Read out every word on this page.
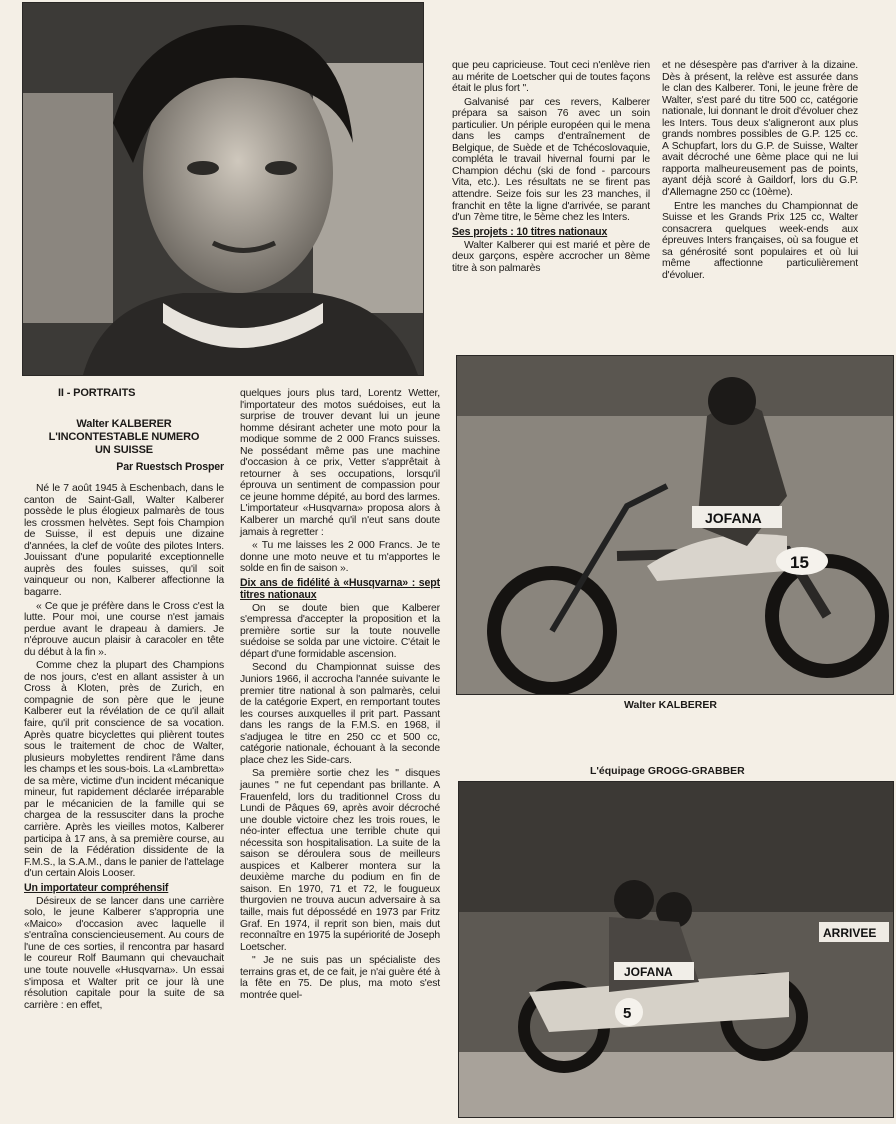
II - PORTRAITS
Walter KALBERER
L'INCONTESTABLE NUMERO
UN SUISSE
Par Ruestsch Prosper

Né le 7 août 1945 à Eschenbach, dans le canton de Saint-Gall, Walter Kalberer possède le plus élogieux palmarès de tous les crossmen helvètes. Sept fois Champion de Suisse, il est depuis une dizaine d'années, la clef de voûte des pilotes Inters. Jouissant d'une popularité exceptionnelle auprès des foules suisses, qu'il soit vainqueur ou non, Kalberer affectionne la bagarre.

« Ce que je préfère dans le Cross c'est la lutte. Pour moi, une course n'est jamais perdue avant le drapeau à damiers. Je n'éprouve aucun plaisir à caracoler en tête du début à la fin ».

Comme chez la plupart des Champions de nos jours, c'est en allant assister à un Cross à Kloten, près de Zurich, en compagnie de son père que le jeune Kalberer eut la révélation de ce qu'il allait faire, qu'il prit conscience de sa vocation. Après quatre bicyclettes qui plièrent toutes sous le traitement de choc de Walter, plusieurs mobylettes rendirent l'âme dans les champs et les sous-bois. La «Lambretta» de sa mère, victime d'un incident mécanique mineur, fut rapidement déclarée irréparable par le mécanicien de la famille qui se chargea de la ressusciter dans la proche carrière. Après les vieilles motos, Kalberer participa à 17 ans, à sa première course, au sein de la Fédération dissidente de la F.M.S., la S.A.M., dans le panier de l'attelage d'un certain Alois Looser.

Un importateur compréhensif

Désireux de se lancer dans une carrière solo, le jeune Kalberer s'appropria une «Maico» d'occasion avec laquelle il s'entraîna consciencieusement. Au cours de l'une de ces sorties, il rencontra par hasard le coureur Rolf Baumann qui chevauchait une toute nouvelle «Husqvarna». Un essai s'imposa et Walter prit ce jour là une résolution capitale pour la suite de sa carrière : en effet,

quelques jours plus tard, Lorentz Wetter, l'importateur des motos suédoises, eut la surprise de trouver devant lui un jeune homme désirant acheter une moto pour la modique somme de 2 000 Francs suisses. Ne possédant même pas une machine d'occasion à ce prix, Vetter s'apprêtait à retourner à ses occupations, lorsqu'il éprouva un sentiment de compassion pour ce jeune homme dépité, au bord des larmes. L'importateur «Husqvarna» proposa alors à Kalberer un marché qu'il n'eut sans doute jamais à regretter :

« Tu me laisses les 2 000 Francs. Je te donne une moto neuve et tu m'apportes le solde en fin de saison ».

Dix ans de fidélité à «Husqvarna» : sept titres nationaux

On se doute bien que Kalberer s'empressa d'accepter la proposition et la première sortie sur la toute nouvelle suédoise se solda par une victoire. C'était le départ d'une formidable ascension.

Second du Championnat suisse des Juniors 1966, il accrocha l'année suivante le premier titre national à son palmarès, celui de la catégorie Expert, en remportant toutes les courses auxquelles il prit part. Passant dans les rangs de la F.M.S. en 1968, il s'adjugea le titre en 250 cc et 500 cc, catégorie nationale, échouant à la seconde place chez les Side-cars.

Sa première sortie chez les " disques jaunes " ne fut cependant pas brillante. A Frauenfeld, lors du traditionnel Cross du Lundi de Pâques 69, après avoir décroché une double victoire chez les trois roues, le néo-inter effectua une terrible chute qui nécessita son hospitalisation. La suite de la saison se déroulera sous de meilleurs auspices et Kalberer montera sur la deuxième marche du podium en fin de saison. En 1970, 71 et 72, le fougueux thurgovien ne trouva aucun adversaire à sa taille, mais fut dépossédé en 1973 par Fritz Graf. En 1974, il reprit son bien, mais dut reconnaître en 1975 la supériorité de Joseph Loetscher.

" Je ne suis pas un spécialiste des terrains gras et, de ce fait, je n'ai guère été à la fête en 75. De plus, ma moto s'est montrée quel-

que peu capricieuse. Tout ceci n'enlève rien au mérite de Loetscher qui de toutes façons était le plus fort ".

Galvanisé par ces revers, Kalberer prépara sa saison 76 avec un soin particulier. Un périple européen qui le mena dans les camps d'entraînement de Belgique, de Suède et de Tchécoslovaquie, compléta le travail hivernal fourni par le Champion déchu (ski de fond - parcours Vita, etc.). Les résultats ne se firent pas attendre. Seize fois sur les 23 manches, il franchit en tête la ligne d'arrivée, se parant d'un 7ème titre, le 5ème chez les Inters.

Ses projets : 10 titres nationaux

Walter Kalberer qui est marié et père de deux garçons, espère accrocher un 8ème titre à son palmarès

et ne désespère pas d'arriver à la dizaine. Dès à présent, la relève est assurée dans le clan des Kalberer. Toni, le jeune frère de Walter, s'est paré du titre 500 cc, catégorie nationale, lui donnant le droit d'évoluer chez les Inters. Tous deux s'aligneront aux plus grands nombres possibles de G.P. 125 cc. A Schupfart, lors du G.P. de Suisse, Walter avait décroché une 6ème place qui ne lui rapporta malheureusement pas de points, ayant déjà scoré à Gaildorf, lors du G.P. d'Allemagne 250 cc (10ème).

Entre les manches du Championnat de Suisse et les Grands Prix 125 cc, Walter consacrera quelques week-ends aux épreuves Inters françaises, où sa fougue et sa générosité sont populaires et où lui même affectionne particulièrement d'évoluer.

JOFANA
15
Walter KALBERER
L'équipage GROGG-GRABBER
ARRIVEE
JOFANA
5
